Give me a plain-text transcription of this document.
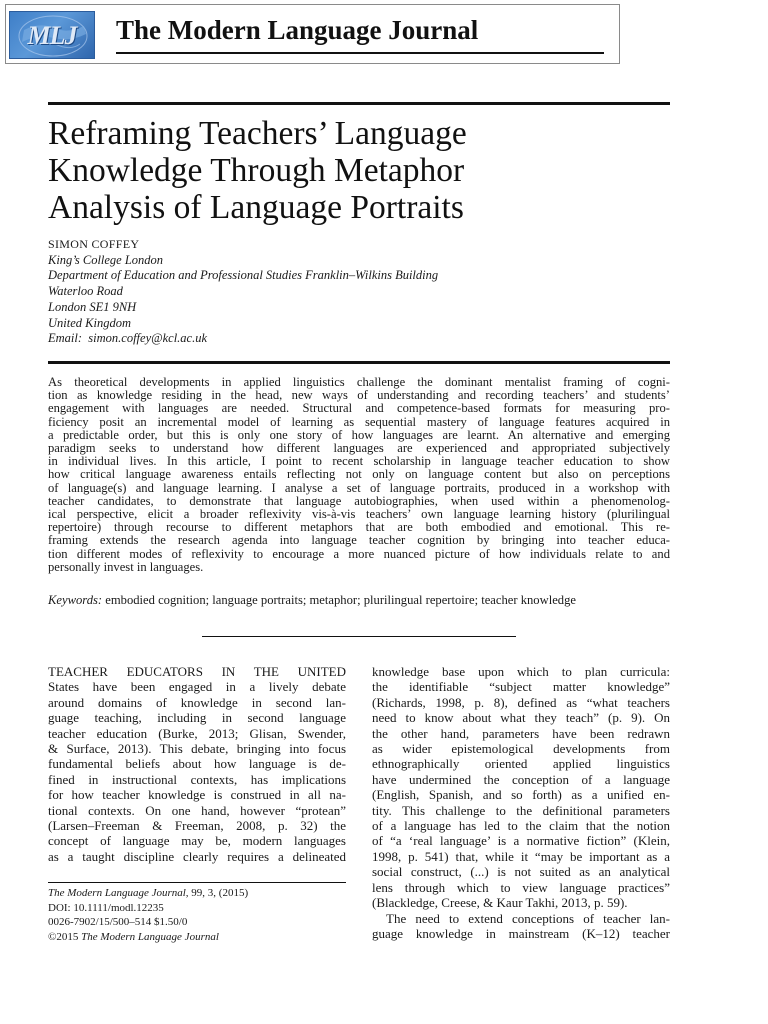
MLJ	The Modern Language Journal
Reframing Teachers’ Language
Knowledge Through Metaphor
Analysis of Language Portraits
SIMON COFFEY
King’s College London
Department of Education and Professional Studies Franklin–Wilkins Building
Waterloo Road
London SE1 9NH
United Kingdom
Email: simon.coffey@kcl.ac.uk
As theoretical developments in applied linguistics challenge the dominant mentalist framing of cogni-
tion as knowledge residing in the head, new ways of understanding and recording teachers’ and students’
engagement with languages are needed. Structural and competence-based formats for measuring pro-
ficiency posit an incremental model of learning as sequential mastery of language features acquired in
a predictable order, but this is only one story of how languages are learnt. An alternative and emerging
paradigm seeks to understand how different languages are experienced and appropriated subjectively
in individual lives. In this article, I point to recent scholarship in language teacher education to show
how critical language awareness entails reflecting not only on language content but also on perceptions
of language(s) and language learning. I analyse a set of language portraits, produced in a workshop with
teacher candidates, to demonstrate that language autobiographies, when used within a phenomenolog-
ical perspective, elicit a broader reflexivity vis-à-vis teachers’ own language learning history (plurilingual
repertoire) through recourse to different metaphors that are both embodied and emotional. This re-
framing extends the research agenda into language teacher cognition by bringing into teacher educa-
tion different modes of reflexivity to encourage a more nuanced picture of how individuals relate to and
personally invest in languages.
Keywords: embodied cognition; language portraits; metaphor; plurilingual repertoire; teacher knowledge
TEACHER EDUCATORS IN THE UNITED
States have been engaged in a lively debate
around domains of knowledge in second lan-
guage teaching, including in second language
teacher education (Burke, 2013; Glisan, Swender,
& Surface, 2013). This debate, bringing into focus
fundamental beliefs about how language is de-
fined in instructional contexts, has implications
for how teacher knowledge is construed in all na-
tional contexts. On one hand, however “protean”
(Larsen–Freeman & Freeman, 2008, p. 32) the
concept of language may be, modern languages
as a taught discipline clearly requires a delineated
knowledge base upon which to plan curricula:
the identifiable “subject matter knowledge”
(Richards, 1998, p. 8), defined as “what teachers
need to know about what they teach” (p. 9). On
the other hand, parameters have been redrawn
as wider epistemological developments from
ethnographically oriented applied linguistics
have undermined the conception of a language
(English, Spanish, and so forth) as a unified en-
tity. This challenge to the definitional parameters
of a language has led to the claim that the notion
of “a ‘real language’ is a normative fiction” (Klein,
1998, p. 541) that, while it “may be important as a
social construct, (...) is not suited as an analytical
lens through which to view language practices”
(Blackledge, Creese, & Kaur Takhi, 2013, p. 59).
The need to extend conceptions of teacher lan-
guage knowledge in mainstream (K–12) teacher
The Modern Language Journal, 99, 3, (2015)
DOI: 10.1111/modl.12235
0026-7902/15/500–514 $1.50/0
©2015 The Modern Language Journal
